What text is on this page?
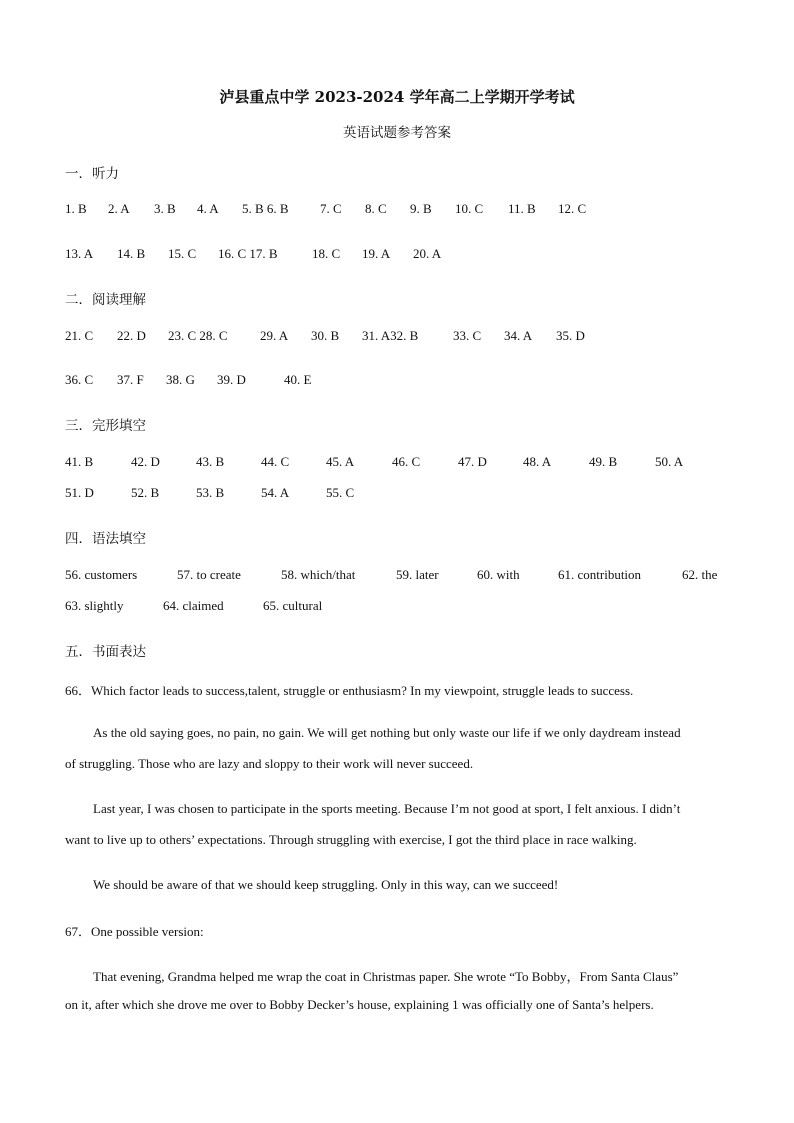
泸县重点中学 2023-2024 学年高二上学期开学考试
英语试题参考答案
一．听力
1. B 2. A 3. B 4. A 5. B 6. B 7. C 8. C 9. B 10. C 11. B 12. C
13. A 14. B 15. C 16. C 17. B	18. C 19. A 20. A
二．阅读理解
21. C 22. D 23. C 28. C 29. A 30. B 31. A32. B	33. C 34. A 35. D
36. C 37. F 38. G 39. D	40. E
三．完形填空
41. B	42. D	43. B	44. C	45. A	46. C	47. D	48. A	49. B	50. A
51. D	52. B	53. B	54. A	55. C
四．语法填空
56. customers	57. to create	58. which/that	59. later	60. with	61. contribution	62. the
63. slightly	64. claimed	65. cultural
五．书面表达
66．Which factor leads to success,talent, struggle or enthusiasm? In my viewpoint, struggle leads to success.
As the old saying goes, no pain, no gain. We will get nothing but only waste our life if we only daydream instead
of struggling. Those who are lazy and sloppy to their work will never succeed.
Last year, I was chosen to participate in the sports meeting. Because I’m not good at sport, I felt anxious. I didn’t
want to live up to others’ expectations. Through struggling with exercise, I got the third place in race walking.
We should be aware of that we should keep struggling. Only in this way, can we succeed!
67．One possible version:
That evening, Grandma helped me wrap the coat in Christmas paper. She wrote “To Bobby，From Santa Claus”
on it, after which she drove me over to Bobby Decker’s house, explaining 1 was officially one of Santa’s helpers.
